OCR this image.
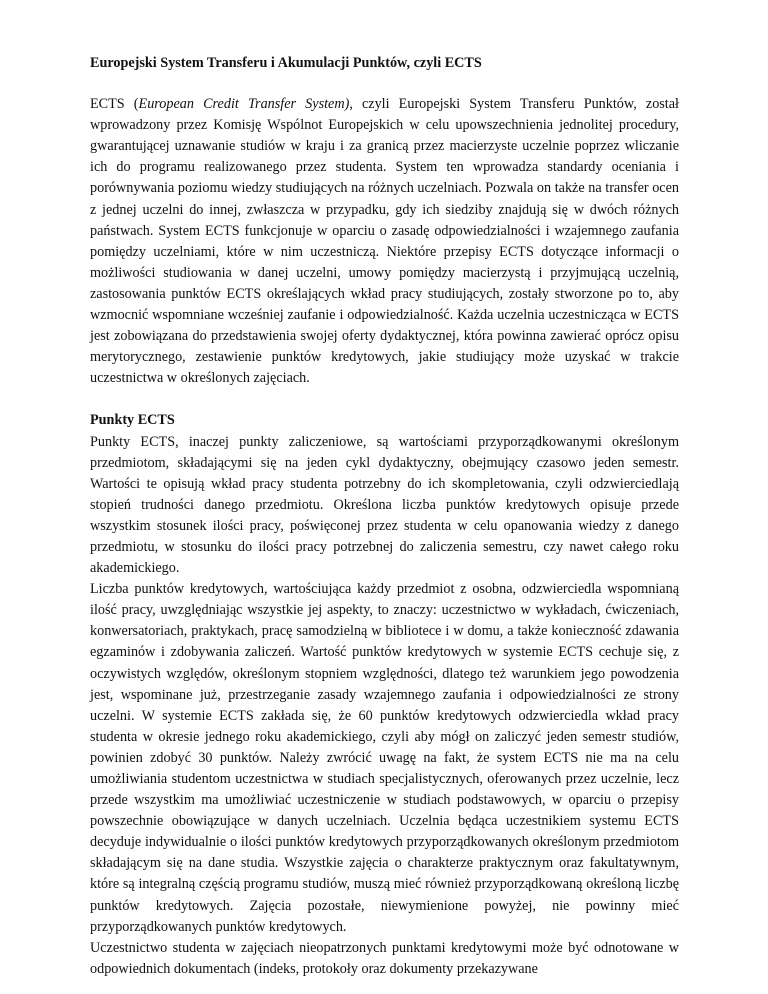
Europejski System Transferu i Akumulacji Punktów, czyli ECTS

ECTS (European Credit Transfer System), czyli Europejski System Transferu Punktów, został wprowadzony przez Komisję Wspólnot Europejskich w celu upowszechnienia jednolitej procedury, gwarantującej uznawanie studiów w kraju i za granicą przez macierzyste uczelnie poprzez wliczanie ich do programu realizowanego przez studenta. System ten wprowadza standardy oceniania i porównywania poziomu wiedzy studiujących na różnych uczelniach. Pozwala on także na transfer ocen z jednej uczelni do innej, zwłaszcza w przypadku, gdy ich siedziby znajdują się w dwóch różnych państwach. System ECTS funkcjonuje w oparciu o zasadę odpowiedzialności i wzajemnego zaufania pomiędzy uczelniami, które w nim uczestniczą. Niektóre przepisy ECTS dotyczące informacji o możliwości studiowania w danej uczelni, umowy pomiędzy macierzystą i przyjmującą uczelnią, zastosowania punktów ECTS określających wkład pracy studiujących, zostały stworzone po to, aby wzmocnić wspomniane wcześniej zaufanie i odpowiedzialność. Każda uczelnia uczestnicząca w ECTS jest zobowiązana do przedstawienia swojej oferty dydaktycznej, która powinna zawierać oprócz opisu merytorycznego, zestawienie punktów kredytowych, jakie studiujący może uzyskać w trakcie uczestnictwa w określonych zajęciach.

Punkty ECTS

Punkty ECTS, inaczej punkty zaliczeniowe, są wartościami przyporządkowanymi określonym przedmiotom, składającymi się na jeden cykl dydaktyczny, obejmujący czasowo jeden semestr. Wartości te opisują wkład pracy studenta potrzebny do ich skompletowania, czyli odzwierciedlają stopień trudności danego przedmiotu. Określona liczba punktów kredytowych opisuje przede wszystkim stosunek ilości pracy, poświęconej przez studenta w celu opanowania wiedzy z danego przedmiotu, w stosunku do ilości pracy potrzebnej do zaliczenia semestru, czy nawet całego roku akademickiego.

Liczba punktów kredytowych, wartościująca każdy przedmiot z osobna, odzwierciedla wspomnianą ilość pracy, uwzględniając wszystkie jej aspekty, to znaczy: uczestnictwo w wykładach, ćwiczeniach, konwersatoriach, praktykach, pracę samodzielną w bibliotece i w domu, a także konieczność zdawania egzaminów i zdobywania zaliczeń. Wartość punktów kredytowych w systemie ECTS cechuje się, z oczywistych względów, określonym stopniem względności, dlatego też warunkiem jego powodzenia jest, wspominane już, przestrzeganie zasady wzajemnego zaufania i odpowiedzialności ze strony uczelni. W systemie ECTS zakłada się, że 60 punktów kredytowych odzwierciedla wkład pracy studenta w okresie jednego roku akademickiego, czyli aby mógł on zaliczyć jeden semestr studiów, powinien zdobyć 30 punktów. Należy zwrócić uwagę na fakt, że system ECTS nie ma na celu umożliwiania studentom uczestnictwa w studiach specjalistycznych, oferowanych przez uczelnie, lecz przede wszystkim ma umożliwiać uczestniczenie w studiach podstawowych, w oparciu o przepisy powszechnie obowiązujące w danych uczelniach. Uczelnia będąca uczestnikiem systemu ECTS decyduje indywidualnie o ilości punktów kredytowych przyporządkowanych określonym przedmiotom składającym się na dane studia. Wszystkie zajęcia o charakterze praktycznym oraz fakultatywnym, które są integralną częścią programu studiów, muszą mieć również przyporządkowaną określoną liczbę punktów kredytowych. Zajęcia pozostałe, niewymienione powyżej, nie powinny mieć przyporządkowanych punktów kredytowych.

Uczestnictwo studenta w zajęciach nieopatrzonych punktami kredytowymi może być odnotowane w odpowiednich dokumentach (indeks, protokoły oraz dokumenty przekazywane
